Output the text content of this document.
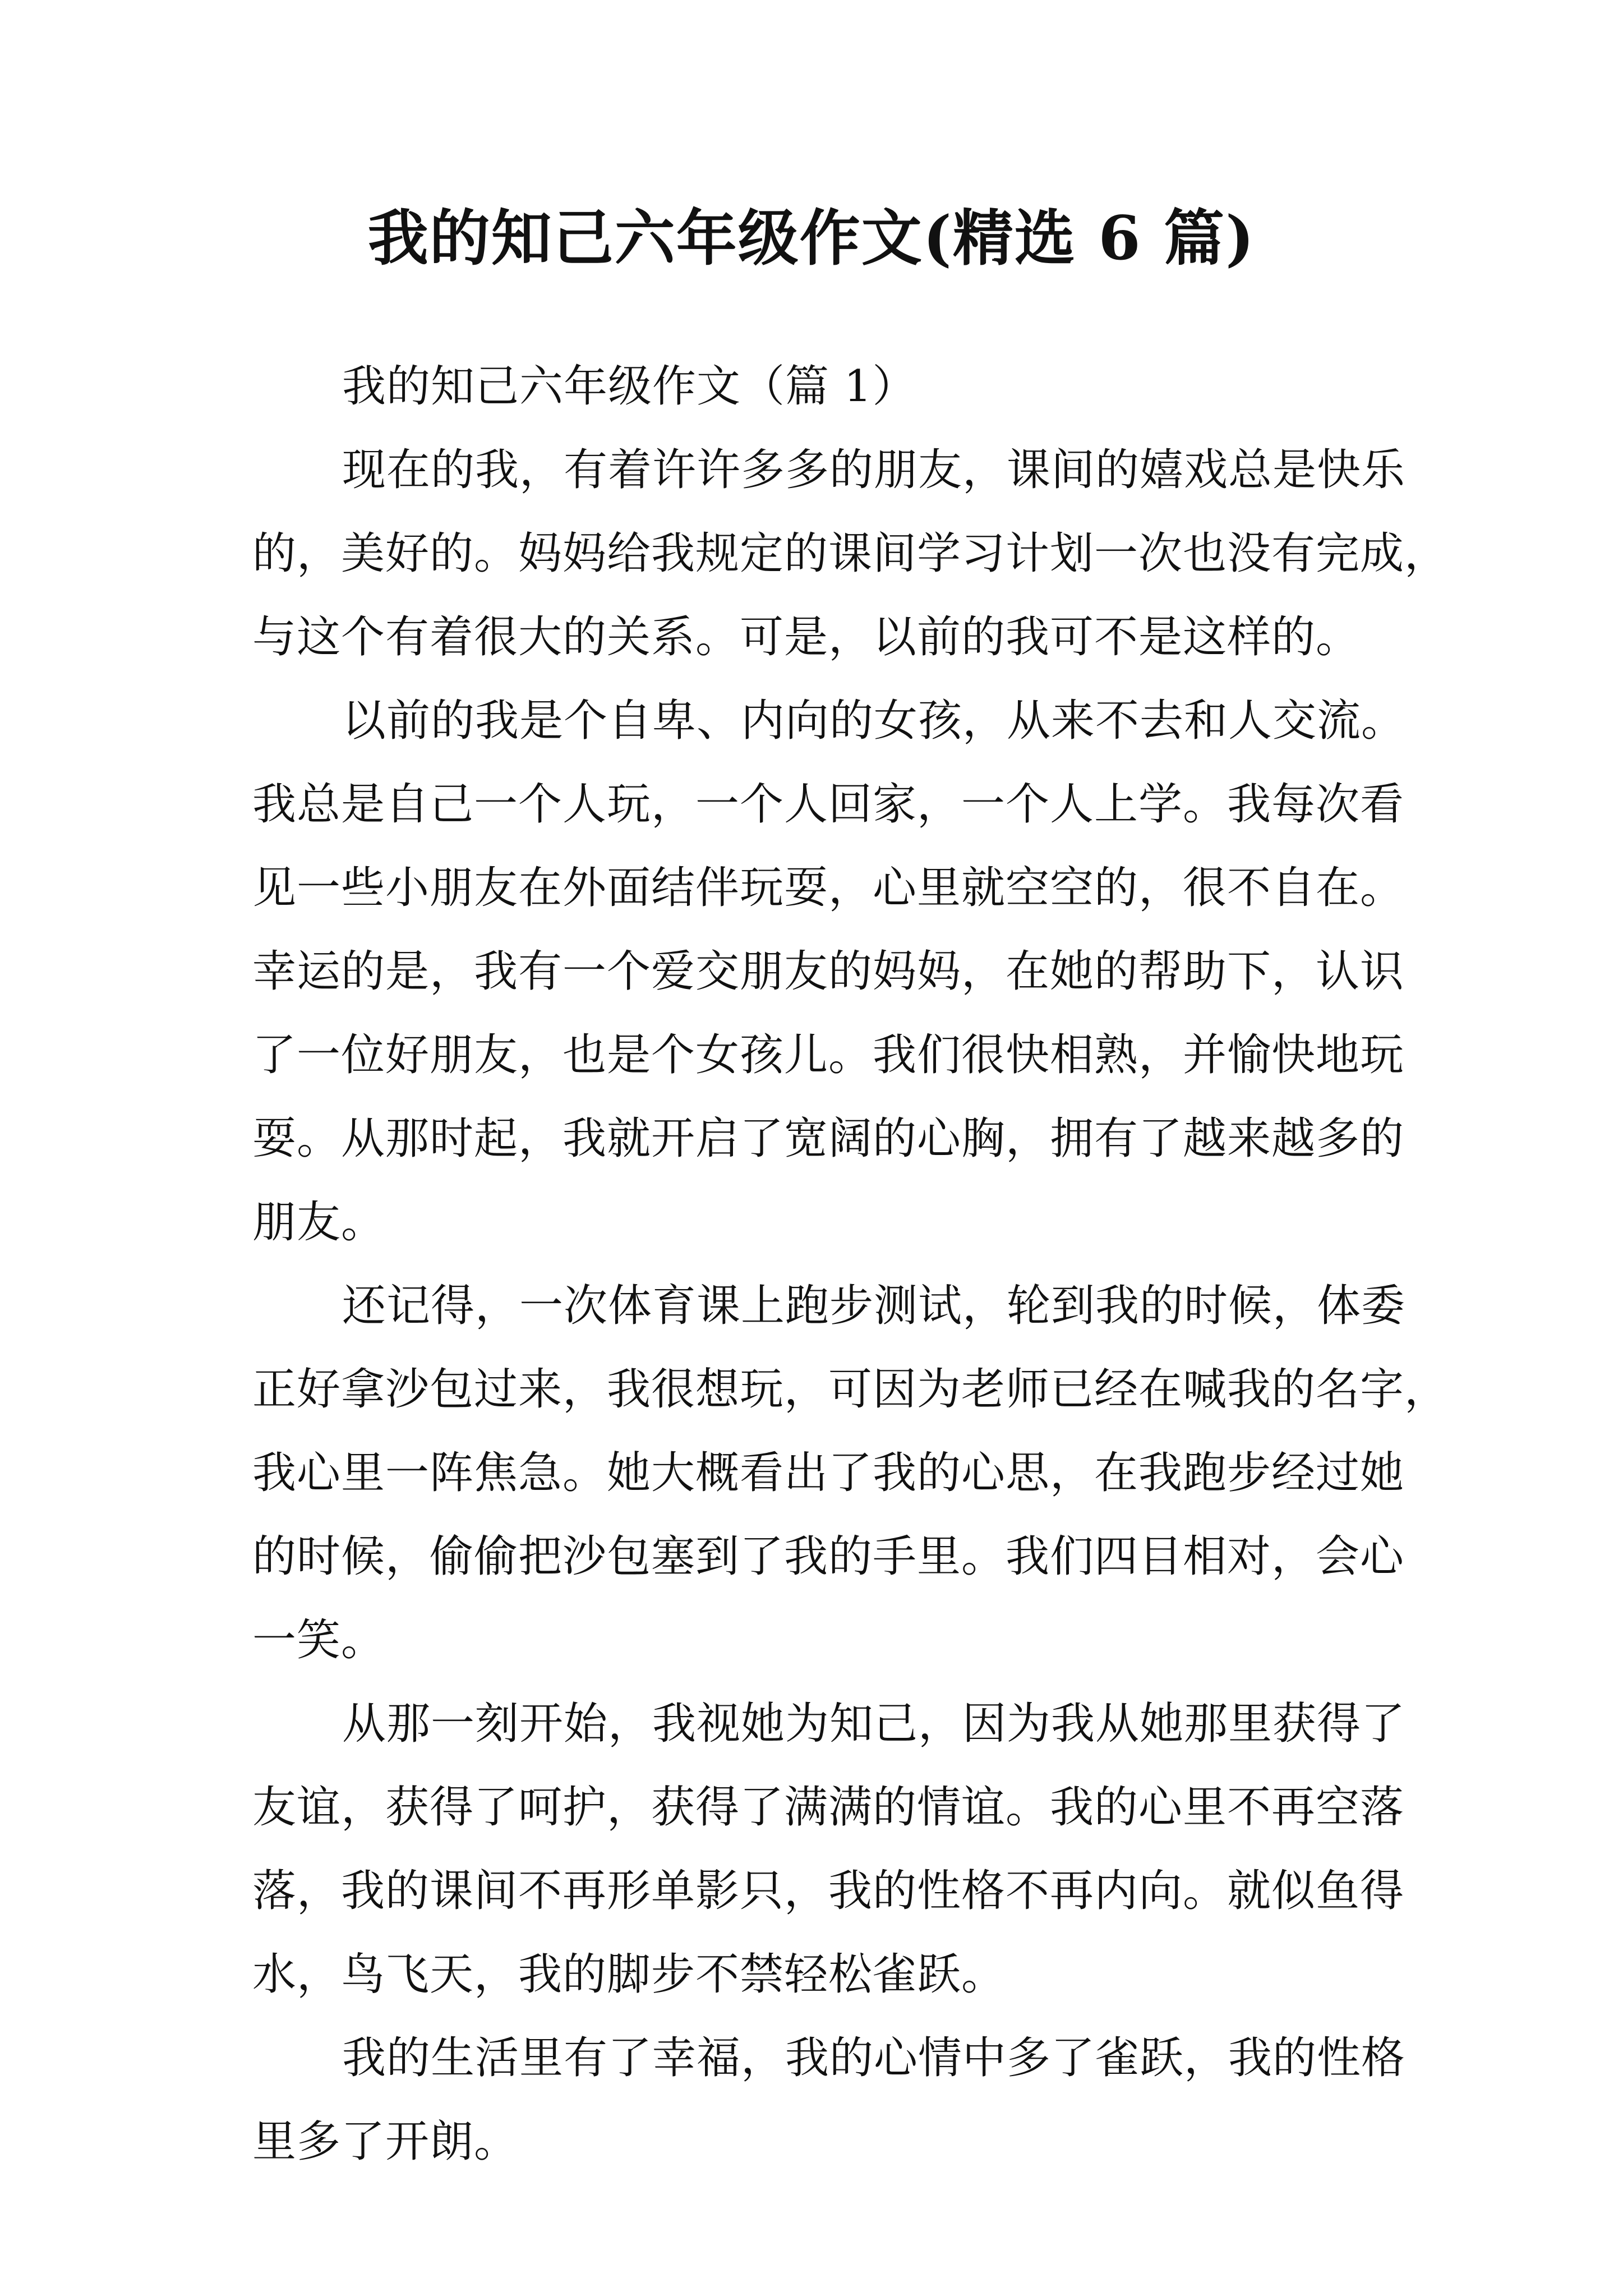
我的知己六年级作文(精选 6 篇)
我的知己六年级作文（篇 1）
现在的我，有着许许多多的朋友，课间的嬉戏总是快乐
的，美好的。妈妈给我规定的课间学习计划一次也没有完成，
与这个有着很大的关系。可是，以前的我可不是这样的。
以前的我是个自卑、内向的女孩，从来不去和人交流。
我总是自己一个人玩，一个人回家，一个人上学。我每次看
见一些小朋友在外面结伴玩耍，心里就空空的，很不自在。
幸运的是，我有一个爱交朋友的妈妈，在她的帮助下，认识
了一位好朋友，也是个女孩儿。我们很快相熟，并愉快地玩
耍。从那时起，我就开启了宽阔的心胸，拥有了越来越多的
朋友。
还记得，一次体育课上跑步测试，轮到我的时候，体委
正好拿沙包过来，我很想玩，可因为老师已经在喊我的名字，
我心里一阵焦急。她大概看出了我的心思，在我跑步经过她
的时候，偷偷把沙包塞到了我的手里。我们四目相对，会心
一笑。
从那一刻开始，我视她为知己，因为我从她那里获得了
友谊，获得了呵护，获得了满满的情谊。我的心里不再空落
落，我的课间不再形单影只，我的性格不再内向。就似鱼得
水，鸟飞天，我的脚步不禁轻松雀跃。
我的生活里有了幸福，我的心情中多了雀跃，我的性格
里多了开朗。
